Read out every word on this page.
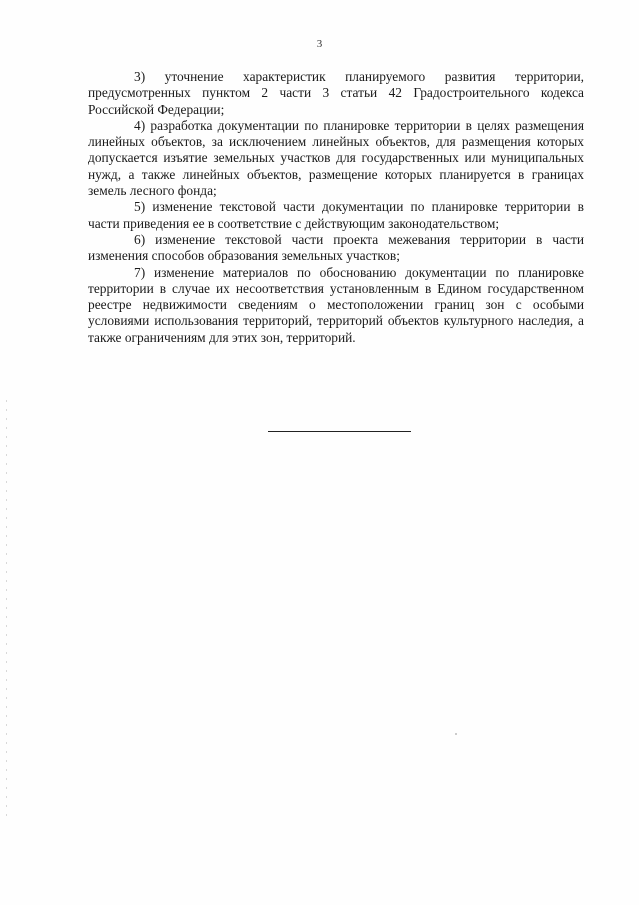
3

3) уточнение характеристик планируемого развития территории, предусмотренных пунктом 2 части 3 статьи 42 Градостроительного кодекса Российской Федерации;

4) разработка документации по планировке территории в целях размещения линейных объектов, за исключением линейных объектов, для размещения которых допускается изъятие земельных участков для государственных или муниципальных нужд, а также линейных объектов, размещение которых планируется в границах земель лесного фонда;

5) изменение текстовой части документации по планировке территории в части приведения ее в соответствие с действующим законодательством;

6) изменение текстовой части проекта межевания территории в части изменения способов образования земельных участков;

7) изменение материалов по обоснованию документации по планировке территории в случае их несоответствия установленным в Едином государственном реестре недвижимости сведениям о местоположении границ зон с особыми условиями использования территорий, территорий объектов культурного наследия, а также ограничениям для этих зон, территорий.
